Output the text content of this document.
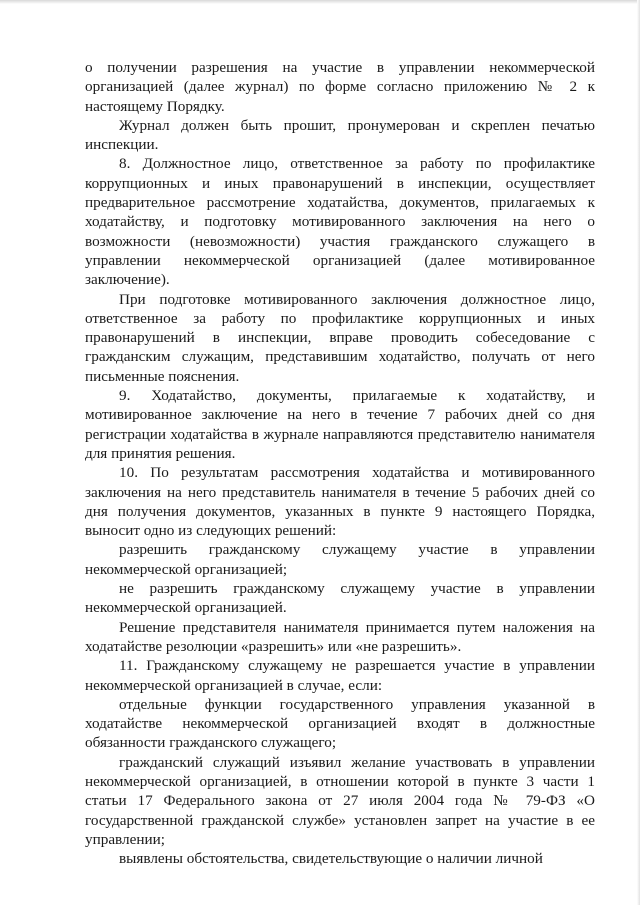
о получении разрешения на участие в управлении некоммерческой организацией (далее журнал) по форме согласно приложению № 2 к настоящему Порядку.

Журнал должен быть прошит, пронумерован и скреплен печатью инспекции.

8. Должностное лицо, ответственное за работу по профилактике коррупционных и иных правонарушений в инспекции, осуществляет предварительное рассмотрение ходатайства, документов, прилагаемых к ходатайству, и подготовку мотивированного заключения на него о возможности (невозможности) участия гражданского служащего в управлении некоммерческой организацией (далее мотивированное заключение).

При подготовке мотивированного заключения должностное лицо, ответственное за работу по профилактике коррупционных и иных правонарушений в инспекции, вправе проводить собеседование с гражданским служащим, представившим ходатайство, получать от него письменные пояснения.

9. Ходатайство, документы, прилагаемые к ходатайству, и мотивированное заключение на него в течение 7 рабочих дней со дня регистрации ходатайства в журнале направляются представителю нанимателя для принятия решения.

10. По результатам рассмотрения ходатайства и мотивированного заключения на него представитель нанимателя в течение 5 рабочих дней со дня получения документов, указанных в пункте 9 настоящего Порядка, выносит одно из следующих решений:

разрешить гражданскому служащему участие в управлении некоммерческой организацией;

не разрешить гражданскому служащему участие в управлении некоммерческой организацией.

Решение представителя нанимателя принимается путем наложения на ходатайстве резолюции «разрешить» или «не разрешить».

11. Гражданскому служащему не разрешается участие в управлении некоммерческой организацией в случае, если:

отдельные функции государственного управления указанной в ходатайстве некоммерческой организацией входят в должностные обязанности гражданского служащего;

гражданский служащий изъявил желание участвовать в управлении некоммерческой организацией, в отношении которой в пункте 3 части 1 статьи 17 Федерального закона от 27 июля 2004 года № 79-ФЗ «О государственной гражданской службе» установлен запрет на участие в ее управлении;

выявлены обстоятельства, свидетельствующие о наличии личной
